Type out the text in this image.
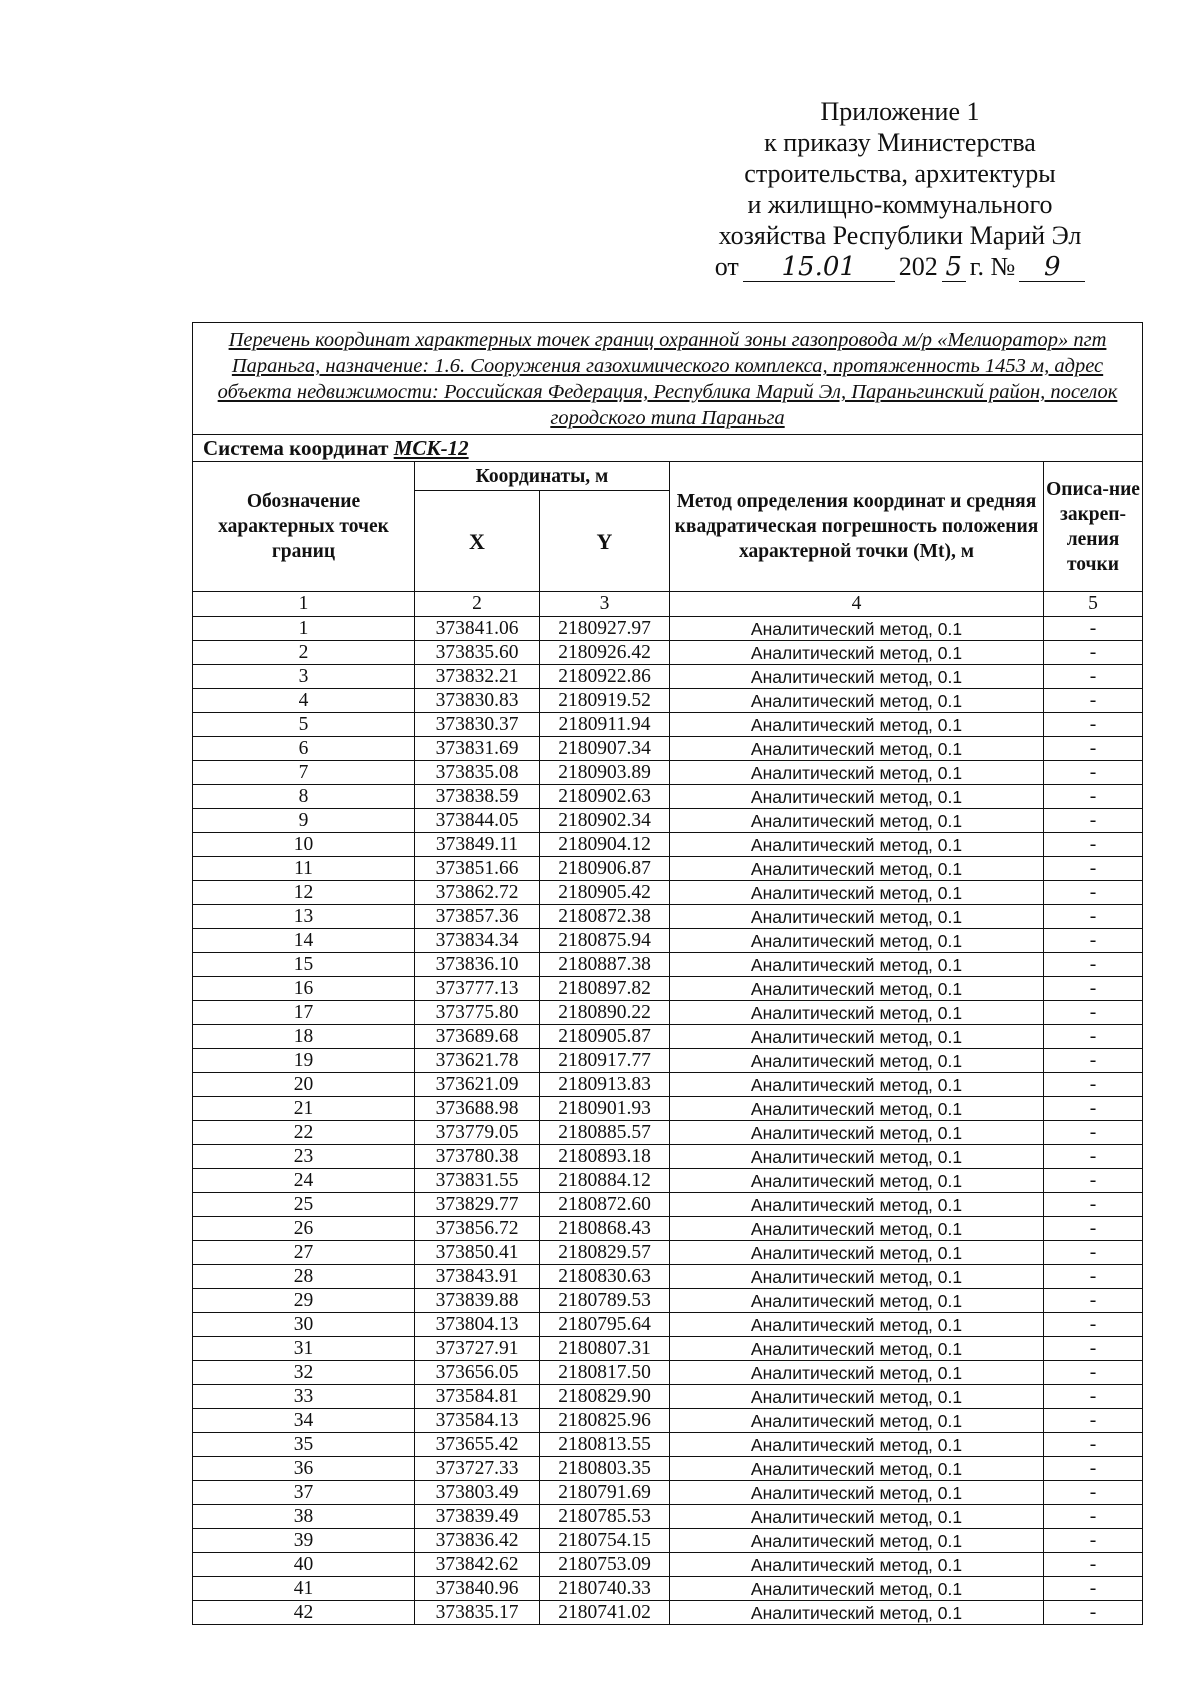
Приложение 1
к приказу Министерства
строительства, архитектуры
и жилищно-коммунального
хозяйства Республики Марий Эл
от	15.01	202 5 г. №	9
Перечень координат характерных точек границ охранной зоны газопровода м/р «Мелиоратор» пгт Параньга, назначение: 1.6. Сооружения газохимического комплекса, протяженность 1453 м, адрес объекта недвижимости: Российская Федерация, Республика Марий Эл, Параньгинский район, поселок городского типа Параньга				
Система координат МСК-12				
Обозначение характерных точек границ	Координаты, м		Метод определения координат и средняя квадратическая погрешность положения характерной точки (Mt), м	Описа-ние закреп-ления точки
	X	Y		
1	2	3	4	5
1	373841.06	2180927.97	Аналитический метод, 0.1	-
2	373835.60	2180926.42	Аналитический метод, 0.1	-
3	373832.21	2180922.86	Аналитический метод, 0.1	-
4	373830.83	2180919.52	Аналитический метод, 0.1	-
5	373830.37	2180911.94	Аналитический метод, 0.1	-
6	373831.69	2180907.34	Аналитический метод, 0.1	-
7	373835.08	2180903.89	Аналитический метод, 0.1	-
8	373838.59	2180902.63	Аналитический метод, 0.1	-
9	373844.05	2180902.34	Аналитический метод, 0.1	-
10	373849.11	2180904.12	Аналитический метод, 0.1	-
11	373851.66	2180906.87	Аналитический метод, 0.1	-
12	373862.72	2180905.42	Аналитический метод, 0.1	-
13	373857.36	2180872.38	Аналитический метод, 0.1	-
14	373834.34	2180875.94	Аналитический метод, 0.1	-
15	373836.10	2180887.38	Аналитический метод, 0.1	-
16	373777.13	2180897.82	Аналитический метод, 0.1	-
17	373775.80	2180890.22	Аналитический метод, 0.1	-
18	373689.68	2180905.87	Аналитический метод, 0.1	-
19	373621.78	2180917.77	Аналитический метод, 0.1	-
20	373621.09	2180913.83	Аналитический метод, 0.1	-
21	373688.98	2180901.93	Аналитический метод, 0.1	-
22	373779.05	2180885.57	Аналитический метод, 0.1	-
23	373780.38	2180893.18	Аналитический метод, 0.1	-
24	373831.55	2180884.12	Аналитический метод, 0.1	-
25	373829.77	2180872.60	Аналитический метод, 0.1	-
26	373856.72	2180868.43	Аналитический метод, 0.1	-
27	373850.41	2180829.57	Аналитический метод, 0.1	-
28	373843.91	2180830.63	Аналитический метод, 0.1	-
29	373839.88	2180789.53	Аналитический метод, 0.1	-
30	373804.13	2180795.64	Аналитический метод, 0.1	-
31	373727.91	2180807.31	Аналитический метод, 0.1	-
32	373656.05	2180817.50	Аналитический метод, 0.1	-
33	373584.81	2180829.90	Аналитический метод, 0.1	-
34	373584.13	2180825.96	Аналитический метод, 0.1	-
35	373655.42	2180813.55	Аналитический метод, 0.1	-
36	373727.33	2180803.35	Аналитический метод, 0.1	-
37	373803.49	2180791.69	Аналитический метод, 0.1	-
38	373839.49	2180785.53	Аналитический метод, 0.1	-
39	373836.42	2180754.15	Аналитический метод, 0.1	-
40	373842.62	2180753.09	Аналитический метод, 0.1	-
41	373840.96	2180740.33	Аналитический метод, 0.1	-
42	373835.17	2180741.02	Аналитический метод, 0.1	-
